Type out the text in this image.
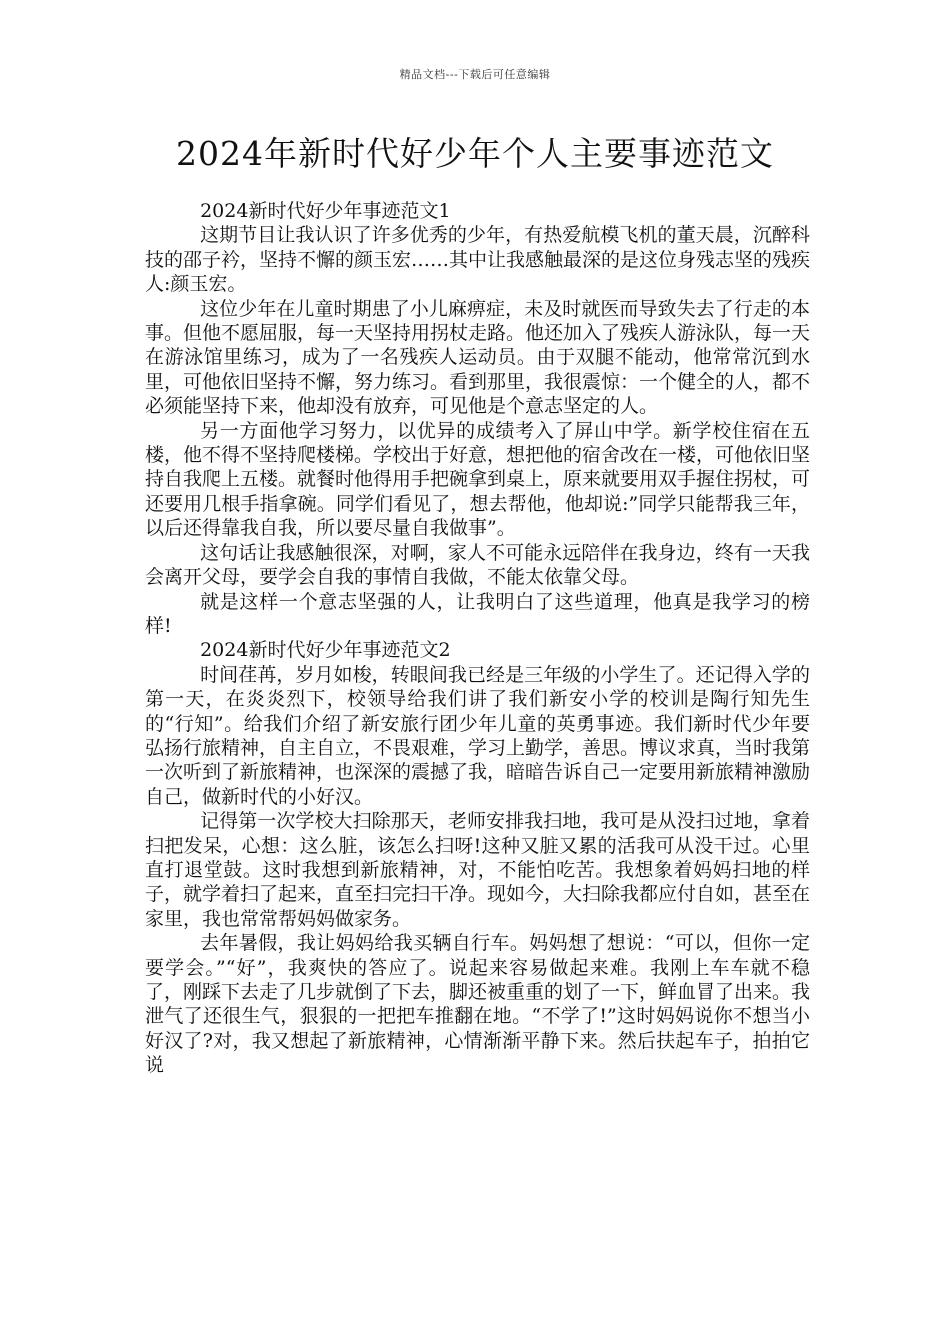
精品文档---下载后可任意编辑
2024年新时代好少年个人主要事迹范文

2024新时代好少年事迹范文1

这期节目让我认识了许多优秀的少年，有热爱航模飞机的董天晨，沉醉科技的邵子衿，坚持不懈的颜玉宏……其中让我感触最深的是这位身残志坚的残疾人:颜玉宏。

这位少年在儿童时期患了小儿麻痹症，未及时就医而导致失去了行走的本事。但他不愿屈服，每一天坚持用拐杖走路。他还加入了残疾人游泳队，每一天在游泳馆里练习，成为了一名残疾人运动员。由于双腿不能动，他常常沉到水里，可他依旧坚持不懈，努力练习。看到那里，我很震惊：一个健全的人，都不必须能坚持下来，他却没有放弃，可见他是个意志坚定的人。

另一方面他学习努力，以优异的成绩考入了屏山中学。新学校住宿在五楼，他不得不坚持爬楼梯。学校出于好意，想把他的宿舍改在一楼，可他依旧坚持自我爬上五楼。就餐时他得用手把碗拿到桌上，原来就要用双手握住拐杖，可还要用几根手指拿碗。同学们看见了，想去帮他，他却说:”同学只能帮我三年，以后还得靠我自我，所以要尽量自我做事”。

这句话让我感触很深，对啊，家人不可能永远陪伴在我身边，终有一天我会离开父母，要学会自我的事情自我做，不能太依靠父母。

就是这样一个意志坚强的人，让我明白了这些道理，他真是我学习的榜样!

2024新时代好少年事迹范文2

时间荏苒，岁月如梭，转眼间我已经是三年级的小学生了。还记得入学的第一天，在炎炎烈下，校领导给我们讲了我们新安小学的校训是陶行知先生的“行知”。给我们介绍了新安旅行团少年儿童的英勇事迹。我们新时代少年要弘扬行旅精神，自主自立，不畏艰难，学习上勤学，善思。博议求真，当时我第一次听到了新旅精神，也深深的震撼了我，暗暗告诉自己一定要用新旅精神激励自己，做新时代的小好汉。

记得第一次学校大扫除那天，老师安排我扫地，我可是从没扫过地，拿着扫把发呆，心想：这么脏，该怎么扫呀!这种又脏又累的活我可从没干过。心里直打退堂鼓。这时我想到新旅精神，对，不能怕吃苦。我想象着妈妈扫地的样子，就学着扫了起来，直至扫完扫干净。现如今，大扫除我都应付自如，甚至在家里，我也常常帮妈妈做家务。

去年暑假，我让妈妈给我买辆自行车。妈妈想了想说：“可以，但你一定要学会。”“好”，我爽快的答应了。说起来容易做起来难。我刚上车车就不稳了，刚踩下去走了几步就倒了下去，脚还被重重的划了一下，鲜血冒了出来。我泄气了还很生气，狠狠的一把把车推翻在地。“不学了!”这时妈妈说你不想当小好汉了?对，我又想起了新旅精神，心情渐渐平静下来。然后扶起车子，拍拍它说
